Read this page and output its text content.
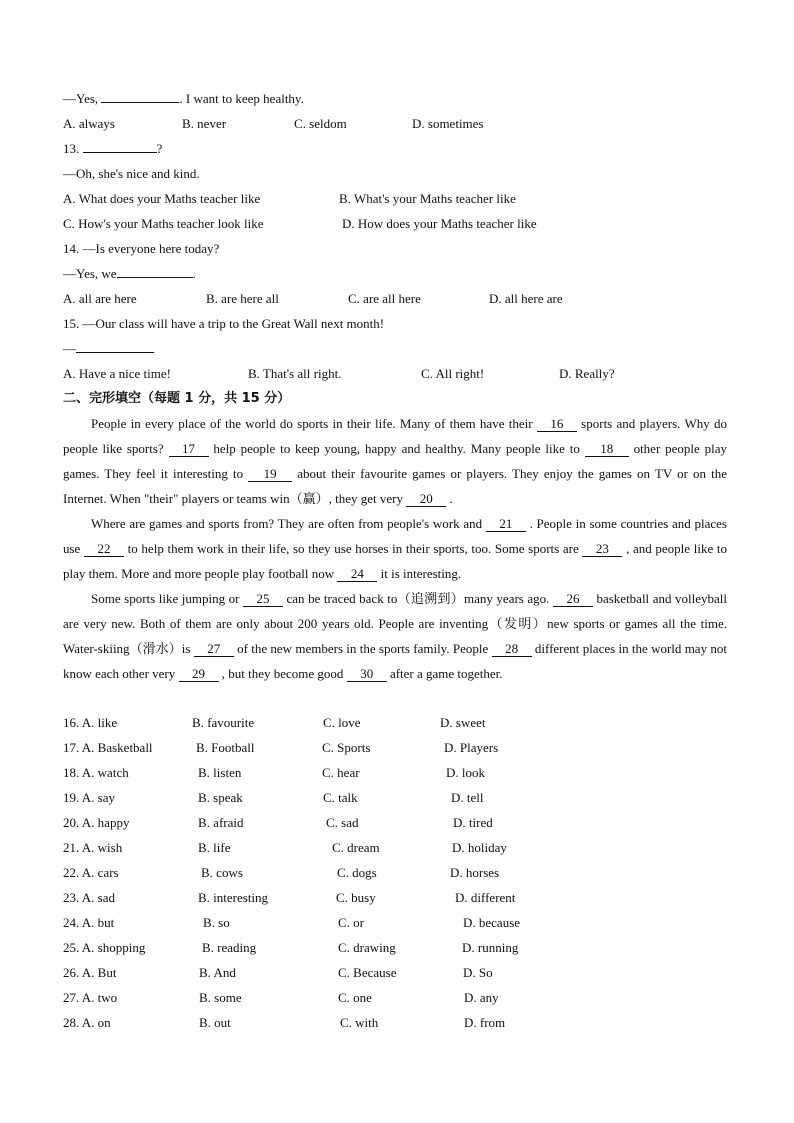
—Yes,	. I want to keep healthy.
A. always	B. never	C. seldom	D. sometimes
13.	?
—Oh, she's nice and kind.
A. What does your Maths teacher like	B. What's your Maths teacher like
C. How's your Maths teacher look like	D. How does your Maths teacher like
14. —Is everyone here today?
—Yes, we	.
A. all are here	B. are here all	C. are all here	D. all here are
15. —Our class will have a trip to the Great Wall next month!
—
A. Have a nice time!	B. That's all right.	C. All right!	D. Really?
二、完形填空（每题 1 分，共 15 分）
People in every place of the world do sports in their life. Many of them have their 16 sports and players. Why do people like sports? 17 help people to keep young, happy and healthy. Many people like to 18 other people play games. They feel it interesting to 19 about their favourite games or players. They enjoy the games on TV or on the Internet. When "their" players or teams win（赢）, they get very 20 .
Where are games and sports from? They are often from people's work and 21 . People in some countries and places use 22 to help them work in their life, so they use horses in their sports, too. Some sports are 23 , and people like to play them. More and more people play football now 24 it is interesting.
Some sports like jumping or 25 can be traced back to（追溯到）many years ago. 26 basketball and volleyball are very new. Both of them are only about 200 years old. People are inventing（发明）new sports or games all the time. Water-skiing（滑水）is 27 of the new members in the sports family. People 28 different places in the world may not know each other very 29 , but they become good 30 after a game together.
16. A. like	B. favourite	C. love	D. sweet
17. A. Basketball	B. Football	C. Sports	D. Players
18. A. watch	B. listen	C. hear	D. look
19. A. say	B. speak	C. talk	D. tell
20. A. happy	B. afraid	C. sad	D. tired
21. A. wish	B. life	C. dream	D. holiday
22. A. cars	B. cows	C. dogs	D. horses
23. A. sad	B. interesting	C. busy	D. different
24. A. but	B. so	C. or	D. because
25. A. shopping	B. reading	C. drawing	D. running
26. A. But	B. And	C. Because	D. So
27. A. two	B. some	C. one	D. any
28. A. on	B. out	C. with	D. from
